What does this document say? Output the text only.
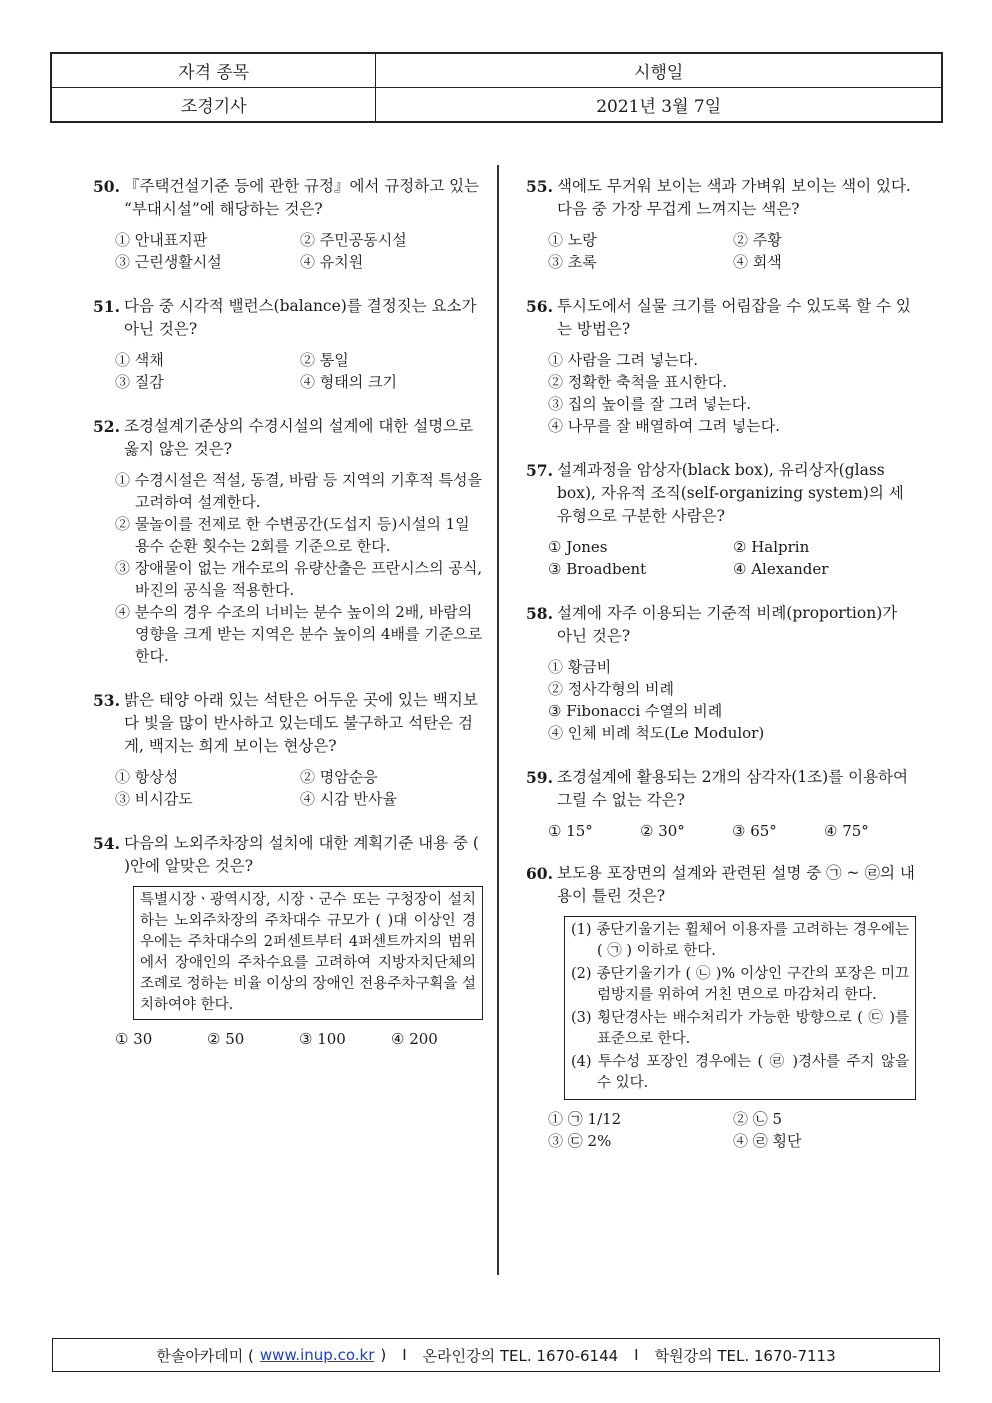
자격 종목	시행일
조경기사	2021년 3월 7일
50. 『주택건설기준 등에 관한 규정』에서 규정하고 있는 “부대시설”에 해당하는 것은?
① 안내표지판	② 주민공동시설
③ 근린생활시설	④ 유치원
51. 다음 중 시각적 밸런스(balance)를 결정짓는 요소가 아닌 것은?
① 색채	② 통일
③ 질감	④ 형태의 크기
52. 조경설계기준상의 수경시설의 설계에 대한 설명으로 옳지 않은 것은?
① 수경시설은 적설, 동결, 바람 등 지역의 기후적 특성을 고려하여 설계한다.
② 물놀이를 전제로 한 수변공간(도섭지 등)시설의 1일 용수 순환 횟수는 2회를 기준으로 한다.
③ 장애물이 없는 개수로의 유량산출은 프란시스의 공식, 바진의 공식을 적용한다.
④ 분수의 경우 수조의 너비는 분수 높이의 2배, 바람의 영향을 크게 받는 지역은 분수 높이의 4배를 기준으로 한다.
53. 밝은 태양 아래 있는 석탄은 어두운 곳에 있는 백지보다 빛을 많이 반사하고 있는데도 불구하고 석탄은 검게, 백지는 희게 보이는 현상은?
① 항상성	② 명암순응
③ 비시감도	④ 시감 반사율
54. 다음의 노외주차장의 설치에 대한 계획기준 내용 중 ( )안에 알맞은 것은?
특별시장ㆍ광역시장, 시장ㆍ군수 또는 구청장이 설치하는 노외주차장의 주차대수 규모가 ( )대 이상인 경우에는 주차대수의 2퍼센트부터 4퍼센트까지의 범위에서 장애인의 주차수요를 고려하여 지방자치단체의 조례로 정하는 비율 이상의 장애인 전용주차구획을 설치하여야 한다.
① 30	② 50	③ 100	④ 200
55. 색에도 무거워 보이는 색과 가벼워 보이는 색이 있다. 다음 중 가장 무겁게 느껴지는 색은?
① 노랑	② 주황
③ 초록	④ 회색
56. 투시도에서 실물 크기를 어림잡을 수 있도록 할 수 있는 방법은?
① 사람을 그려 넣는다.
② 정확한 축척을 표시한다.
③ 집의 높이를 잘 그려 넣는다.
④ 나무를 잘 배열하여 그려 넣는다.
57. 설계과정을 암상자(black box), 유리상자(glass box), 자유적 조직(self-organizing system)의 세 유형으로 구분한 사람은?
① Jones	② Halprin
③ Broadbent	④ Alexander
58. 설계에 자주 이용되는 기준적 비례(proportion)가 아닌 것은?
① 황금비
② 정사각형의 비례
③ Fibonacci 수열의 비례
④ 인체 비례 척도(Le Modulor)
59. 조경설계에 활용되는 2개의 삼각자(1조)를 이용하여 그릴 수 없는 각은?
① 15°	② 30°	③ 65°	④ 75°
60. 보도용 포장면의 설계와 관련된 설명 중 ㉠ ~ ㉣의 내용이 틀린 것은?

(1) 종단기울기는 휠체어 이용자를 고려하는 경우에는 ( ㉠ ) 이하로 한다.

(2) 종단기울기가 ( ㉡ )% 이상인 구간의 포장은 미끄럼방지를 위하여 거친 면으로 마감처리 한다.

(3) 횡단경사는 배수처리가 가능한 방향으로 ( ㉢ )를 표준으로 한다.

(4) 투수성 포장인 경우에는 ( ㉣ )경사를 주지 않을 수 있다.

① ㉠ 1/12	② ㉡ 5
③ ㉢ 2%	④ ㉣ 횡단
한솔아카데미 ( www.inup.co.kr )	I	온라인강의 TEL. 1670-6144	I	학원강의 TEL. 1670-7113
